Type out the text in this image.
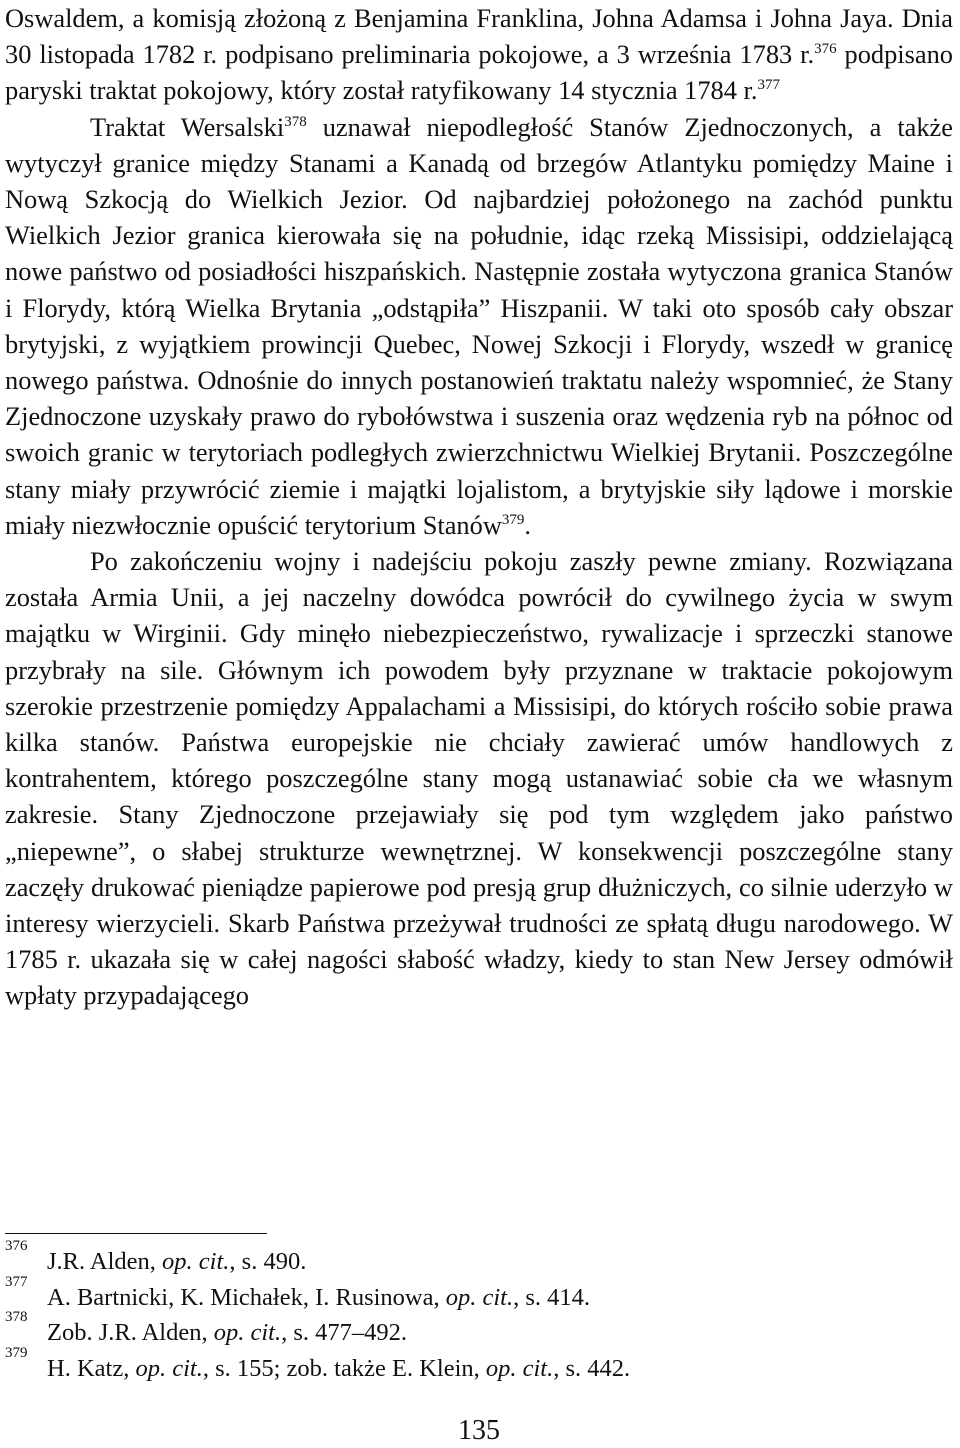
Oswaldem, a komisją złożoną z Benjamina Franklina, Johna Adamsa i Johna Jaya. Dnia 30 listopada 1782 r. podpisano preliminaria pokojowe, a 3 września 1783 r.$^{376}$ podpisano paryski traktat pokojowy, który został ratyfikowany 14 stycznia 1784 r.$^{377}$

Traktat Wersalski$^{378}$ uznawał niepodległość Stanów Zjednoczonych, a także wytyczył granice między Stanami a Kanadą od brzegów Atlantyku pomiędzy Maine i Nową Szkocją do Wielkich Jezior. Od najbardziej położonego na zachód punktu Wielkich Jezior granica kierowała się na południe, idąc rzeką Missisipi, oddzielającą nowe państwo od posiadłości hiszpańskich. Następnie została wytyczona granica Stanów i Florydy, którą Wielka Brytania „odstąpiła” Hiszpanii. W taki oto sposób cały obszar brytyjski, z wyjątkiem prowincji Quebec, Nowej Szkocji i Florydy, wszedł w granicę nowego państwa. Odnośnie do innych postanowień traktatu należy wspomnieć, że Stany Zjednoczone uzyskały prawo do rybołówstwa i suszenia oraz wędzenia ryb na północ od swoich granic w terytoriach podległych zwierzchnictwu Wielkiej Brytanii. Poszczególne stany miały przywrócić ziemie i majątki lojalistom, a brytyjskie siły lądowe i morskie miały niezwłocznie opuścić terytorium Stanów$^{379}$.

Po zakończeniu wojny i nadejściu pokoju zaszły pewne zmiany. Rozwiązana została Armia Unii, a jej naczelny dowódca powrócił do cywilnego życia w swym majątku w Wirginii. Gdy minęło niebezpieczeństwo, rywalizacje i sprzeczki stanowe przybrały na sile. Głównym ich powodem były przyznane w traktacie pokojowym szerokie przestrzenie pomiędzy Appalachami a Missisipi, do których rościło sobie prawa kilka stanów. Państwa europejskie nie chciały zawierać umów handlowych z kontrahentem, którego poszczególne stany mogą ustanawiać sobie cła we własnym zakresie. Stany Zjednoczone przejawiały się pod tym względem jako państwo „niepewne”, o słabej strukturze wewnętrznej. W konsekwencji poszczególne stany zaczęły drukować pieniądze papierowe pod presją grup dłużniczych, co silnie uderzyło w interesy wierzycieli. Skarb Państwa przeżywał trudności ze spłatą długu narodowego. W 1785 r. ukazała się w całej nagości słabość władzy, kiedy to stan New Jersey odmówił wpłaty przypadającego

376
J.R. Alden, op. cit., s. 490.
377
A. Bartnicki, K. Michałek, I. Rusinowa, op. cit., s. 414.
378
Zob. J.R. Alden, op. cit., s. 477–492.
379
H. Katz, op. cit., s. 155; zob. także E. Klein, op. cit., s. 442.
135
